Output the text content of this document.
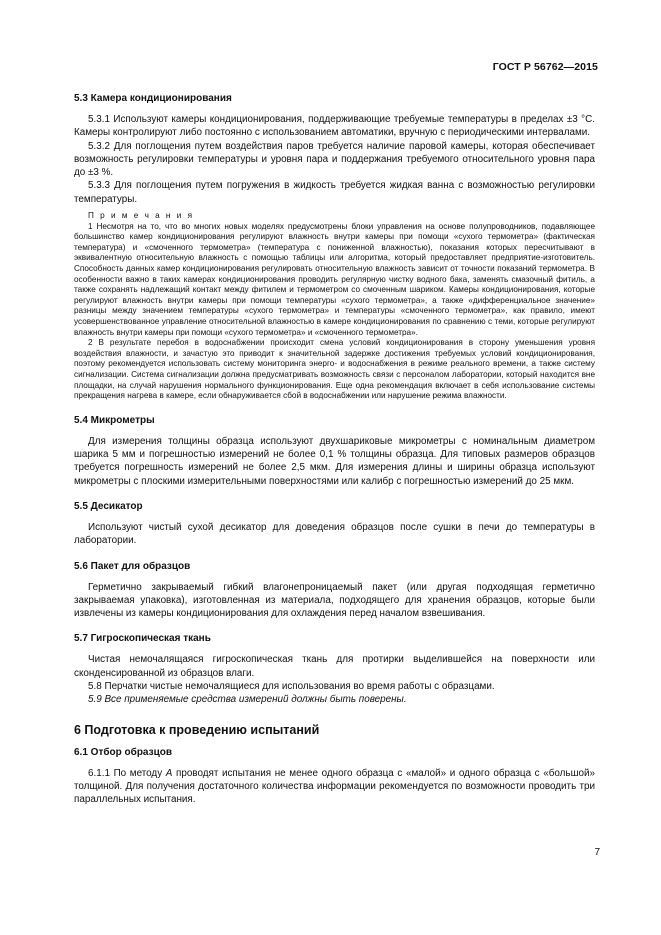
ГОСТ Р 56762—2015
5.3 Камера кондиционирования

5.3.1 Используют камеры кондиционирования, поддерживающие требуемые температуры в пределах ±3 °С. Камеры контролируют либо постоянно с использованием автоматики, вручную с периодическими интервалами.

5.3.2 Для поглощения путем воздействия паров требуется наличие паровой камеры, которая обеспечивает возможность регулировки температуры и уровня пара и поддержания требуемого относительного уровня пара до ±3 %.

5.3.3 Для поглощения путем погружения в жидкость требуется жидкая ванна с возможностью регулировки температуры.

П р и м е ч а н и я
1 Несмотря на то, что во многих новых моделях предусмотрены блоки управления на основе полупроводников, подавляющее большинство камер кондиционирования регулируют влажность внутри камеры при помощи «сухого термометра» (фактическая температура) и «смоченного термометра» (температура с пониженной влажностью), показания которых пересчитывают в эквивалентную относительную влажность с помощью таблицы или алгоритма, который предоставляет предприятие-изготовитель. Способность данных камер кондиционирования регулировать относительную влажность зависит от точности показаний термометра. В особенности важно в таких камерах кондиционирования проводить регулярную чистку водного бака, заменять смазочный фитиль, а также сохранять надлежащий контакт между фитилем и термометром со смоченным шариком. Камеры кондиционирования, которые регулируют влажность внутри камеры при помощи температуры «сухого термометра», а также «дифференциальное значение» разницы между значением температуры «сухого термометра» и температуры «смоченного термометра», как правило, имеют усовершенствованное управление относительной влажностью в камере кондиционирования по сравнению с теми, которые регулируют влажность внутри камеры при помощи «сухого термометра» и «смоченного термометра».
2 В результате перебоя в водоснабжении происходит смена условий кондиционирования в сторону уменьшения уровня воздействия влажности, и зачастую это приводит к значительной задержке достижения требуемых условий кондиционирования, поэтому рекомендуется использовать систему мониторинга энерго- и водоснабжения в режиме реального времени, а также систему сигнализации. Система сигнализации должна предусматривать возможность связи с персоналом лаборатории, который находится вне площадки, на случай нарушения нормального функционирования. Еще одна рекомендация включает в себя использование системы прекращения нагрева в камере, если обнаруживается сбой в водоснабжении или нарушение режима влажности.
5.4 Микрометры

Для измерения толщины образца используют двухшариковые микрометры с номинальным диаметром шарика 5 мм и погрешностью измерений не более 0,1 % толщины образца. Для типовых размеров образцов требуется погрешность измерений не более 2,5 мкм. Для измерения длины и ширины образца используют микрометры с плоскими измерительными поверхностями или калибр с погрешностью измерений до 25 мкм.

5.5 Десикатор

Используют чистый сухой десикатор для доведения образцов после сушки в печи до температуры в лаборатории.

5.6 Пакет для образцов

Герметично закрываемый гибкий влагонепроницаемый пакет (или другая подходящая герметично закрываемая упаковка), изготовленная из материала, подходящего для хранения образцов, которые были извлечены из камеры кондиционирования для охлаждения перед началом взвешивания.

5.7 Гигроскопическая ткань

Чистая немочалящаяся гигроскопическая ткань для протирки выделившейся на поверхности или сконденсированной из образцов влаги.

5.8 Перчатки чистые немочалящиеся для использования во время работы с образцами.

5.9 Все применяемые средства измерений должны быть поверены.

6 Подготовка к проведению испытаний
6.1 Отбор образцов

6.1.1 По методу А проводят испытания не менее одного образца с «малой» и одного образца с «большой» толщиной. Для получения достаточного количества информации рекомендуется по возможности проводить три параллельных испытания.

7
